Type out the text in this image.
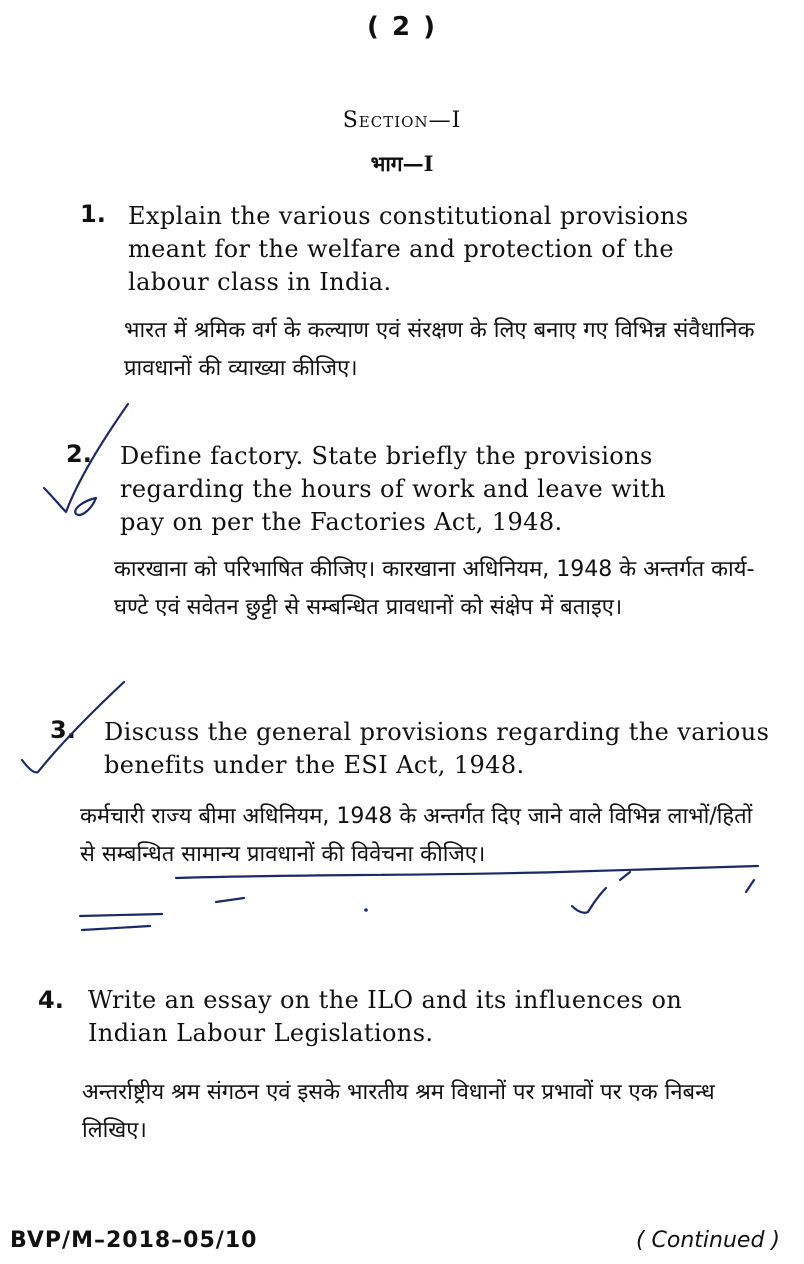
( 2 )
Section—I
भाग—I
1. Explain the various constitutional provisions meant for the welfare and protection of the labour class in India.
भारत में श्रमिक वर्ग के कल्याण एवं संरक्षण के लिए बनाए गए विभिन्न संवैधानिक प्रावधानों की व्याख्या कीजिए।
2. Define factory. State briefly the provisions regarding the hours of work and leave with pay on per the Factories Act, 1948.
कारखाना को परिभाषित कीजिए। कारखाना अधिनियम, 1948 के अन्तर्गत कार्य-घण्टे एवं सवेतन छुट्टी से सम्बन्धित प्रावधानों को संक्षेप में बताइए।
3. Discuss the general provisions regarding the various benefits under the ESI Act, 1948.
कर्मचारी राज्य बीमा अधिनियम, 1948 के अन्तर्गत दिए जाने वाले विभिन्न लाभों/हितों से सम्बन्धित सामान्य प्रावधानों की विवेचना कीजिए।
4. Write an essay on the ILO and its influences on Indian Labour Legislations.
अन्तर्राष्ट्रीय श्रम संगठन एवं इसके भारतीय श्रम विधानों पर प्रभावों पर एक निबन्ध लिखिए।
BVP/M–2018–05/10	( Continued )
